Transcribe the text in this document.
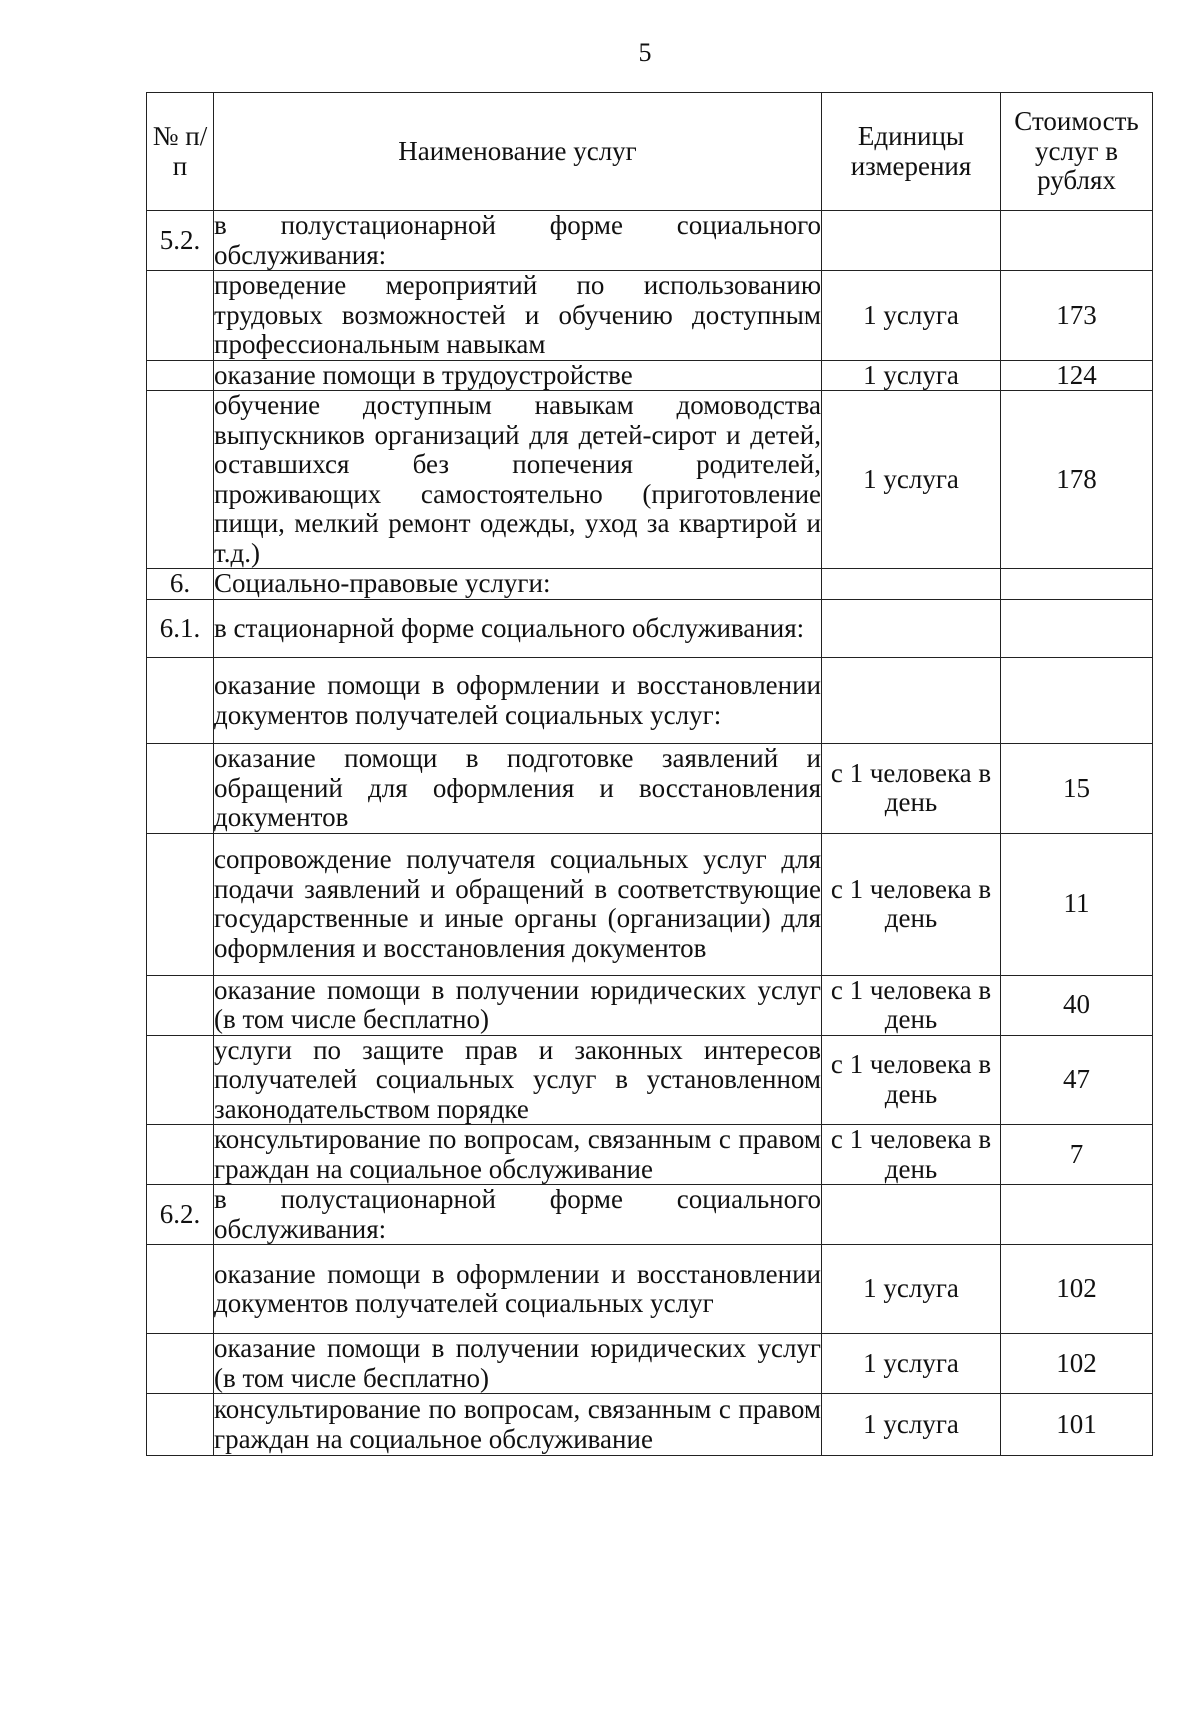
5
№ п/п	Наименование услуг	Единицы измерения	Стоимость услуг в рублях
5.2.	в полустационарной форме социального обслуживания:		
	проведение мероприятий по использованию трудовых возможностей и обучению доступным профессиональным навыкам	1 услуга	173
	оказание помощи в трудоустройстве	1 услуга	124
	обучение доступным навыкам домоводства выпускников организаций для детей-сирот и детей, оставшихся без попечения родителей, проживающих самостоятельно (приготовление пищи, мелкий ремонт одежды, уход за квартирой и т.д.)	1 услуга	178
6.	Социально-правовые услуги:		
6.1.	в стационарной форме социального обслуживания:		
	оказание помощи в оформлении и восстановлении документов получателей социальных услуг:		
	оказание помощи в подготовке заявлений и обращений для оформления и восстановления документов	с 1 человека в день	15
	сопровождение получателя социальных услуг для подачи заявлений и обращений в соответствующие государственные и иные органы (организации) для оформления и восстановления документов	с 1 человека в день	11
	оказание помощи в получении юридических услуг (в том числе бесплатно)	с 1 человека в день	40
	услуги по защите прав и законных интересов получателей социальных услуг в установленном законодательством порядке	с 1 человека в день	47
	консультирование по вопросам, связанным с правом граждан на социальное обслуживание	с 1 человека в день	7
6.2.	в полустационарной форме социального обслуживания:		
	оказание помощи в оформлении и восстановлении документов получателей социальных услуг	1 услуга	102
	оказание помощи в получении юридических услуг (в том числе бесплатно)	1 услуга	102
	консультирование по вопросам, связанным с правом граждан на социальное обслуживание	1 услуга	101
